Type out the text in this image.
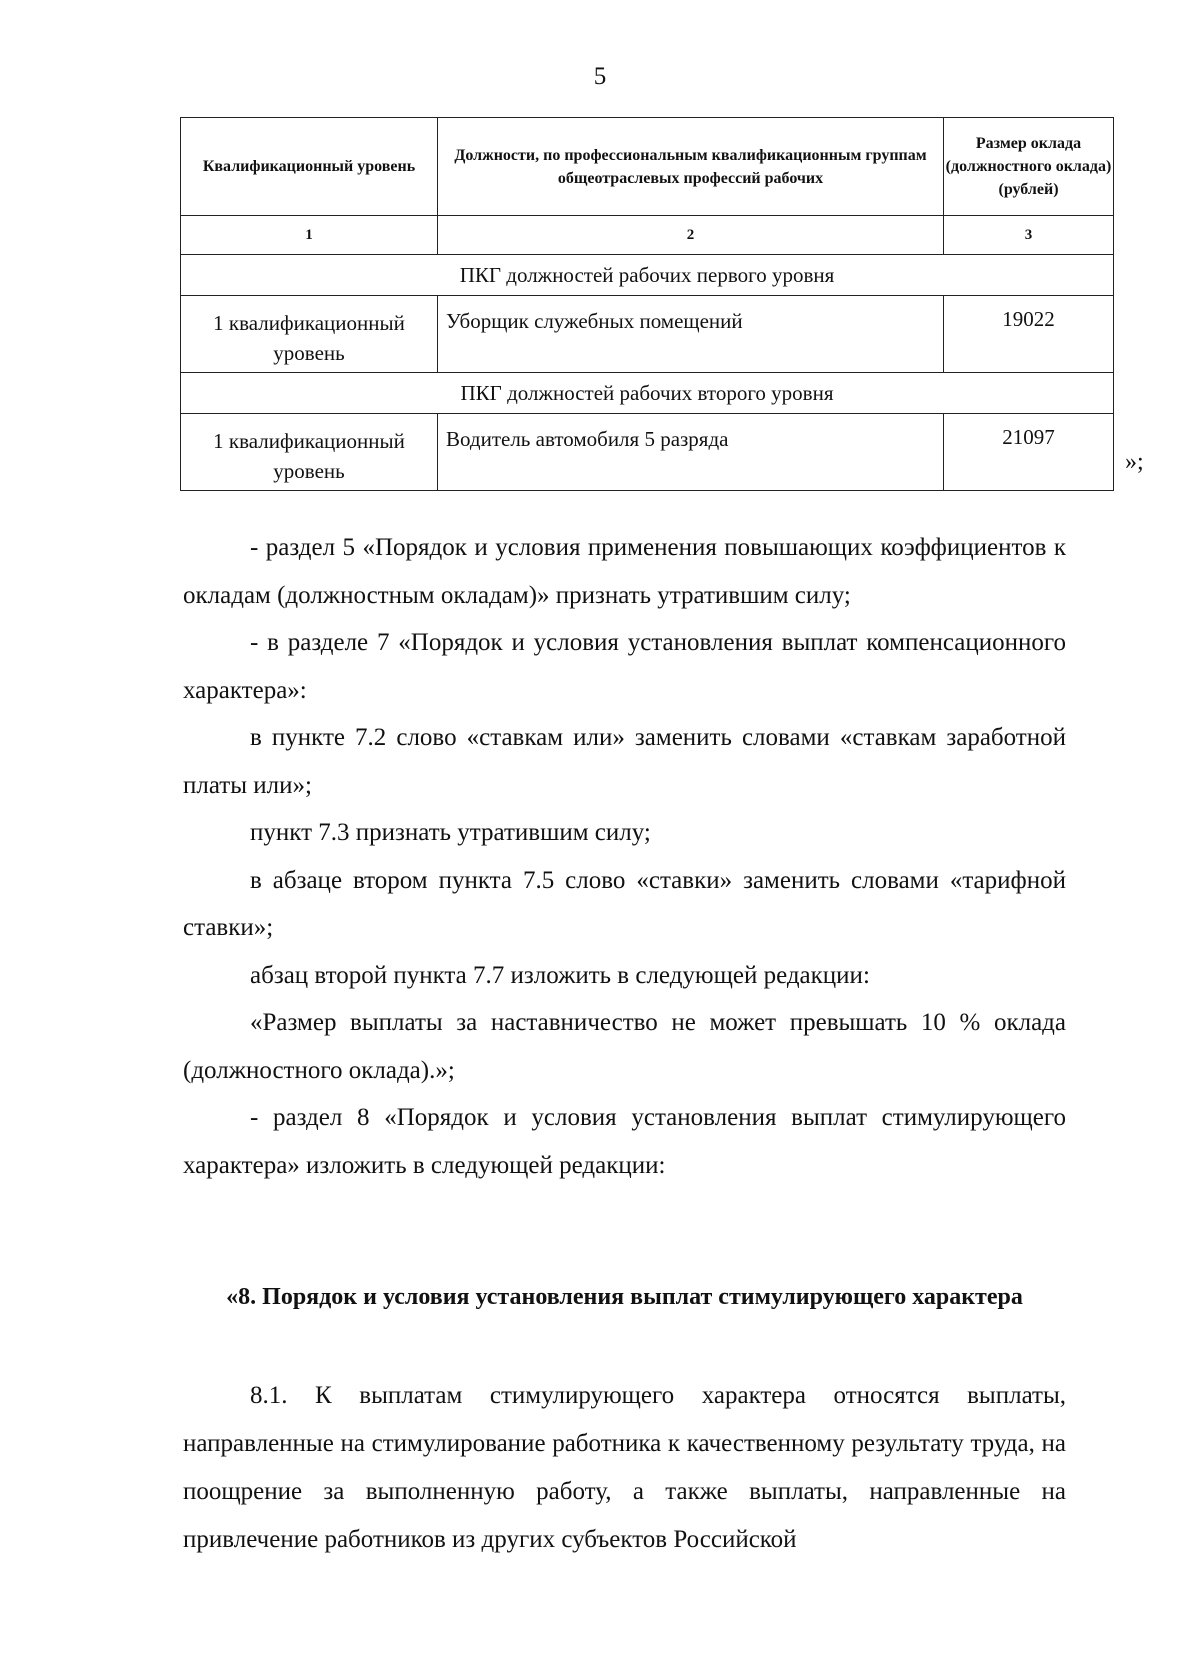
5
Квалификационный уровень	Должности, по профессиональным квалификационным группам общеотраслевых профессий рабочих	Размер оклада (должностного оклада) (рублей)
1	2	3
ПКГ должностей рабочих первого уровня		
1 квалификационный уровень	Уборщик служебных помещений	19022
ПКГ должностей рабочих второго уровня		
1 квалификационный уровень	Водитель автомобиля 5 разряда	21097
»;

- раздел 5 «Порядок и условия применения повышающих коэффициентов к окладам (должностным окладам)» признать утратившим силу;

- в разделе 7 «Порядок и условия установления выплат компенсационного характера»:

в пункте 7.2 слово «ставкам или» заменить словами «ставкам заработной платы или»;

пункт 7.3 признать утратившим силу;

в абзаце втором пункта 7.5 слово «ставки» заменить словами «тарифной ставки»;

абзац второй пункта 7.7 изложить в следующей редакции:

«Размер выплаты за наставничество не может превышать 10 % оклада (должностного оклада).»;

- раздел 8 «Порядок и условия установления выплат стимулирующего характера» изложить в следующей редакции:

«8. Порядок и условия установления выплат стимулирующего характера

8.1. К выплатам стимулирующего характера относятся выплаты, направленные на стимулирование работника к качественному результату труда, на поощрение за выполненную работу, а также выплаты, направленные на привлечение работников из других субъектов Российской
